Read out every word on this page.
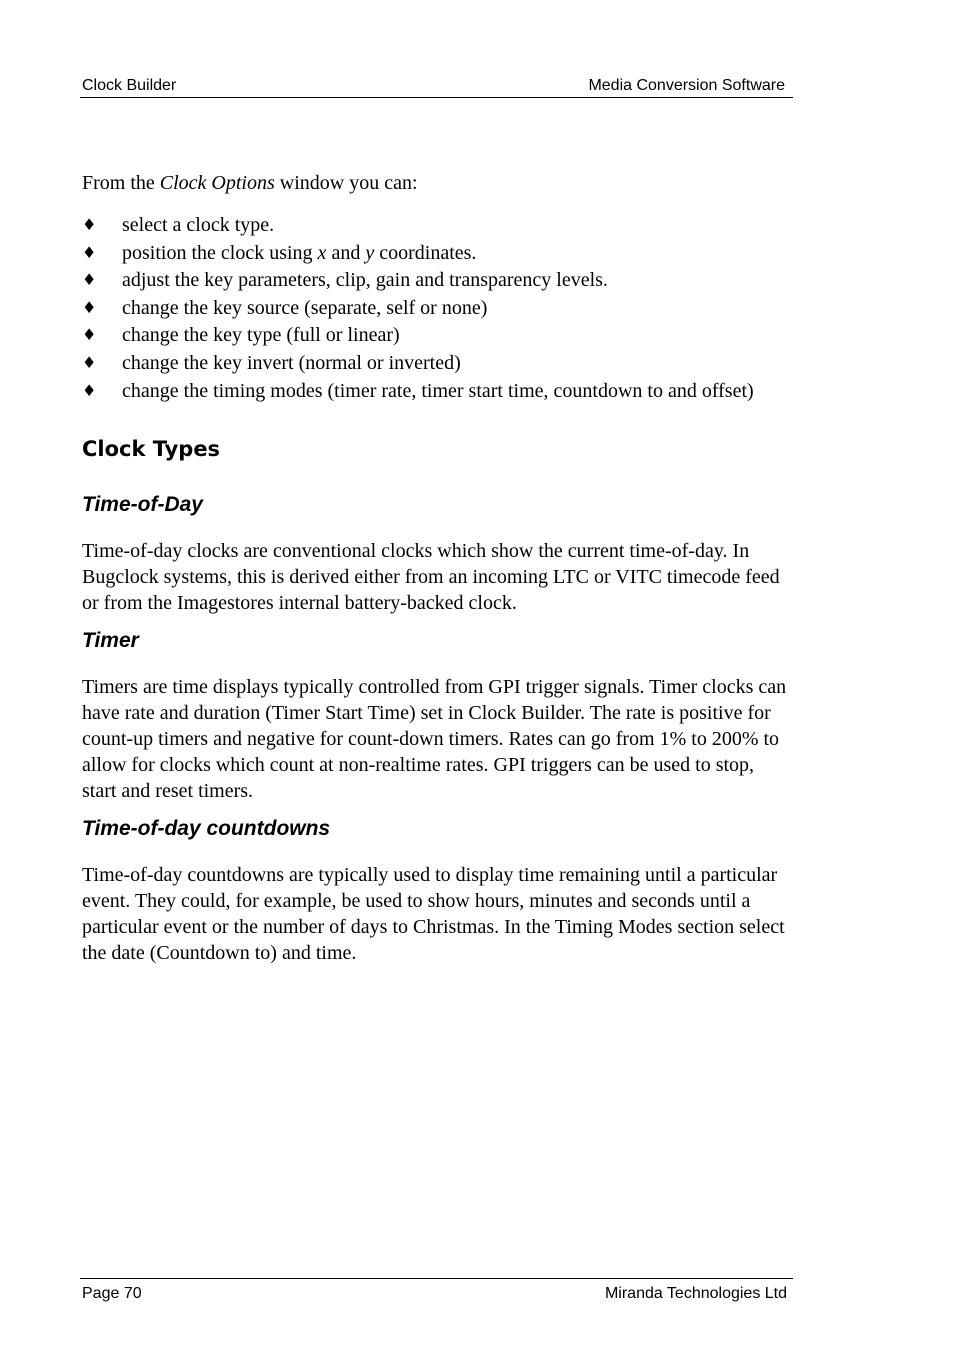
Clock Builder	Media Conversion Software

From the Clock Options window you can:

♦ select a clock type.
♦ position the clock using x and y coordinates.
♦ adjust the key parameters, clip, gain and transparency levels.
♦ change the key source (separate, self or none)
♦ change the key type (full or linear)
♦ change the key invert (normal or inverted)
♦ change the timing modes (timer rate, timer start time, countdown to and offset)
Clock Types
Time-of-Day

Time-of-day clocks are conventional clocks which show the current time-of-day. In Bugclock systems, this is derived either from an incoming LTC or VITC timecode feed or from the Imagestores internal battery-backed clock.

Timer

Timers are time displays typically controlled from GPI trigger signals. Timer clocks can have rate and duration (Timer Start Time) set in Clock Builder. The rate is positive for count-up timers and negative for count-down timers. Rates can go from 1% to 200% to allow for clocks which count at non-realtime rates. GPI triggers can be used to stop, start and reset timers.

Time-of-day countdowns

Time-of-day countdowns are typically used to display time remaining until a particular event. They could, for example, be used to show hours, minutes and seconds until a particular event or the number of days to Christmas. In the Timing Modes section select the date (Countdown to) and time.

Page 70	Miranda Technologies Ltd
